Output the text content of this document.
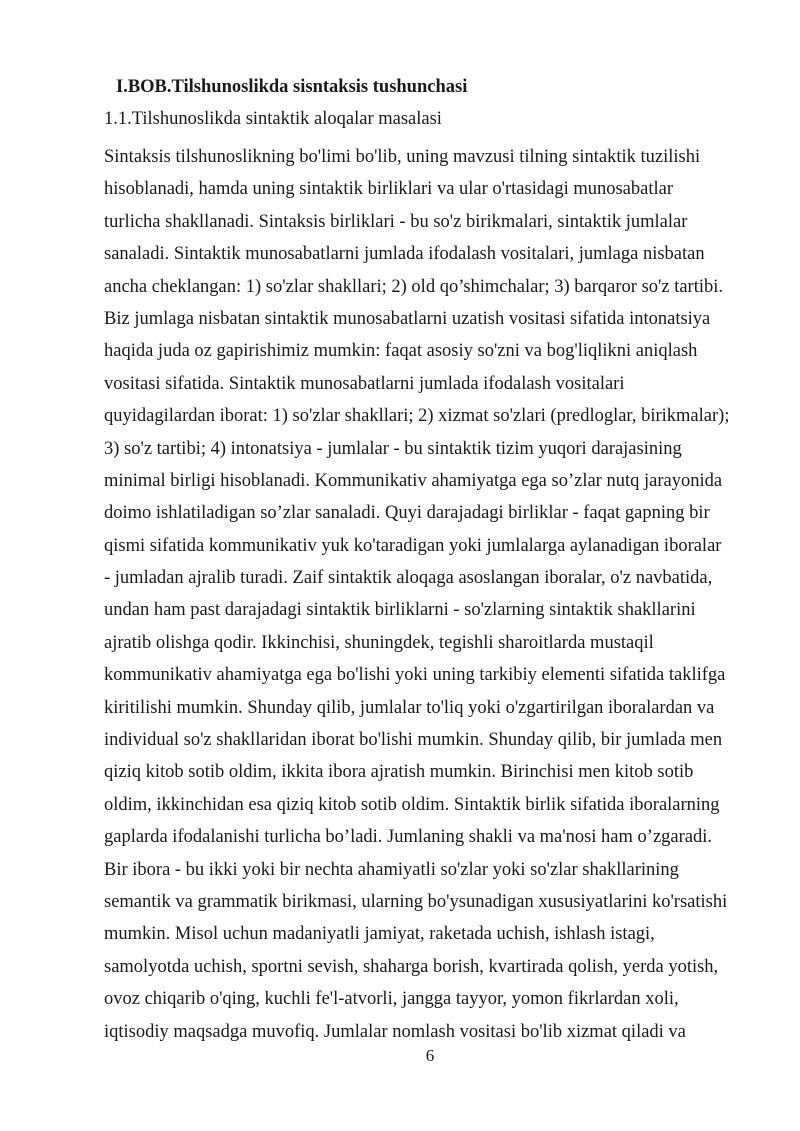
I.BOB.Tilshunoslikda sisntaksis tushunchasi
1.1.Tilshunoslikda sintaktik aloqalar masalasi
Sintaksis tilshunoslikning bo'limi bo'lib, uning mavzusi tilning sintaktik tuzilishi
hisoblanadi, hamda uning sintaktik birliklari va ular o'rtasidagi munosabatlar
turlicha shakllanadi. Sintaksis birliklari - bu so'z birikmalari, sintaktik jumlalar
sanaladi. Sintaktik munosabatlarni jumlada ifodalash vositalari, jumlaga nisbatan
ancha cheklangan: 1) so'zlar shakllari; 2) old qo’shimchalar; 3) barqaror so'z tartibi.
Biz jumlaga nisbatan sintaktik munosabatlarni uzatish vositasi sifatida intonatsiya
haqida juda oz gapirishimiz mumkin: faqat asosiy so'zni va bog'liqlikni aniqlash
vositasi sifatida. Sintaktik munosabatlarni jumlada ifodalash vositalari
quyidagilardan iborat: 1) so'zlar shakllari; 2) xizmat so'zlari (predloglar, birikmalar);
3) so'z tartibi; 4) intonatsiya - jumlalar - bu sintaktik tizim yuqori darajasining
minimal birligi hisoblanadi. Kommunikativ ahamiyatga ega so’zlar nutq jarayonida
doimo ishlatiladigan so’zlar sanaladi. Quyi darajadagi birliklar - faqat gapning bir
qismi sifatida kommunikativ yuk ko'taradigan yoki jumlalarga aylanadigan iboralar
- jumladan ajralib turadi. Zaif sintaktik aloqaga asoslangan iboralar, o'z navbatida,
undan ham past darajadagi sintaktik birliklarni - so'zlarning sintaktik shakllarini
ajratib olishga qodir. Ikkinchisi, shuningdek, tegishli sharoitlarda mustaqil
kommunikativ ahamiyatga ega bo'lishi yoki uning tarkibiy elementi sifatida taklifga
kiritilishi mumkin. Shunday qilib, jumlalar to'liq yoki o'zgartirilgan iboralardan va
individual so'z shakllaridan iborat bo'lishi mumkin. Shunday qilib, bir jumlada men
qiziq kitob sotib oldim, ikkita ibora ajratish mumkin. Birinchisi men kitob sotib
oldim, ikkinchidan esa qiziq kitob sotib oldim. Sintaktik birlik sifatida iboralarning
gaplarda ifodalanishi turlicha bo’ladi. Jumlaning shakli va ma'nosi ham o’zgaradi.
Bir ibora - bu ikki yoki bir nechta ahamiyatli so'zlar yoki so'zlar shakllarining
semantik va grammatik birikmasi, ularning bo'ysunadigan xususiyatlarini ko'rsatishi
mumkin. Misol uchun madaniyatli jamiyat, raketada uchish, ishlash istagi,
samolyotda uchish, sportni sevish, shaharga borish, kvartirada qolish, yerda yotish,
ovoz chiqarib o'qing, kuchli fe'l-atvorli, jangga tayyor, yomon fikrlardan xoli,
iqtisodiy maqsadga muvofiq. Jumlalar nomlash vositasi bo'lib xizmat qiladi va
6
